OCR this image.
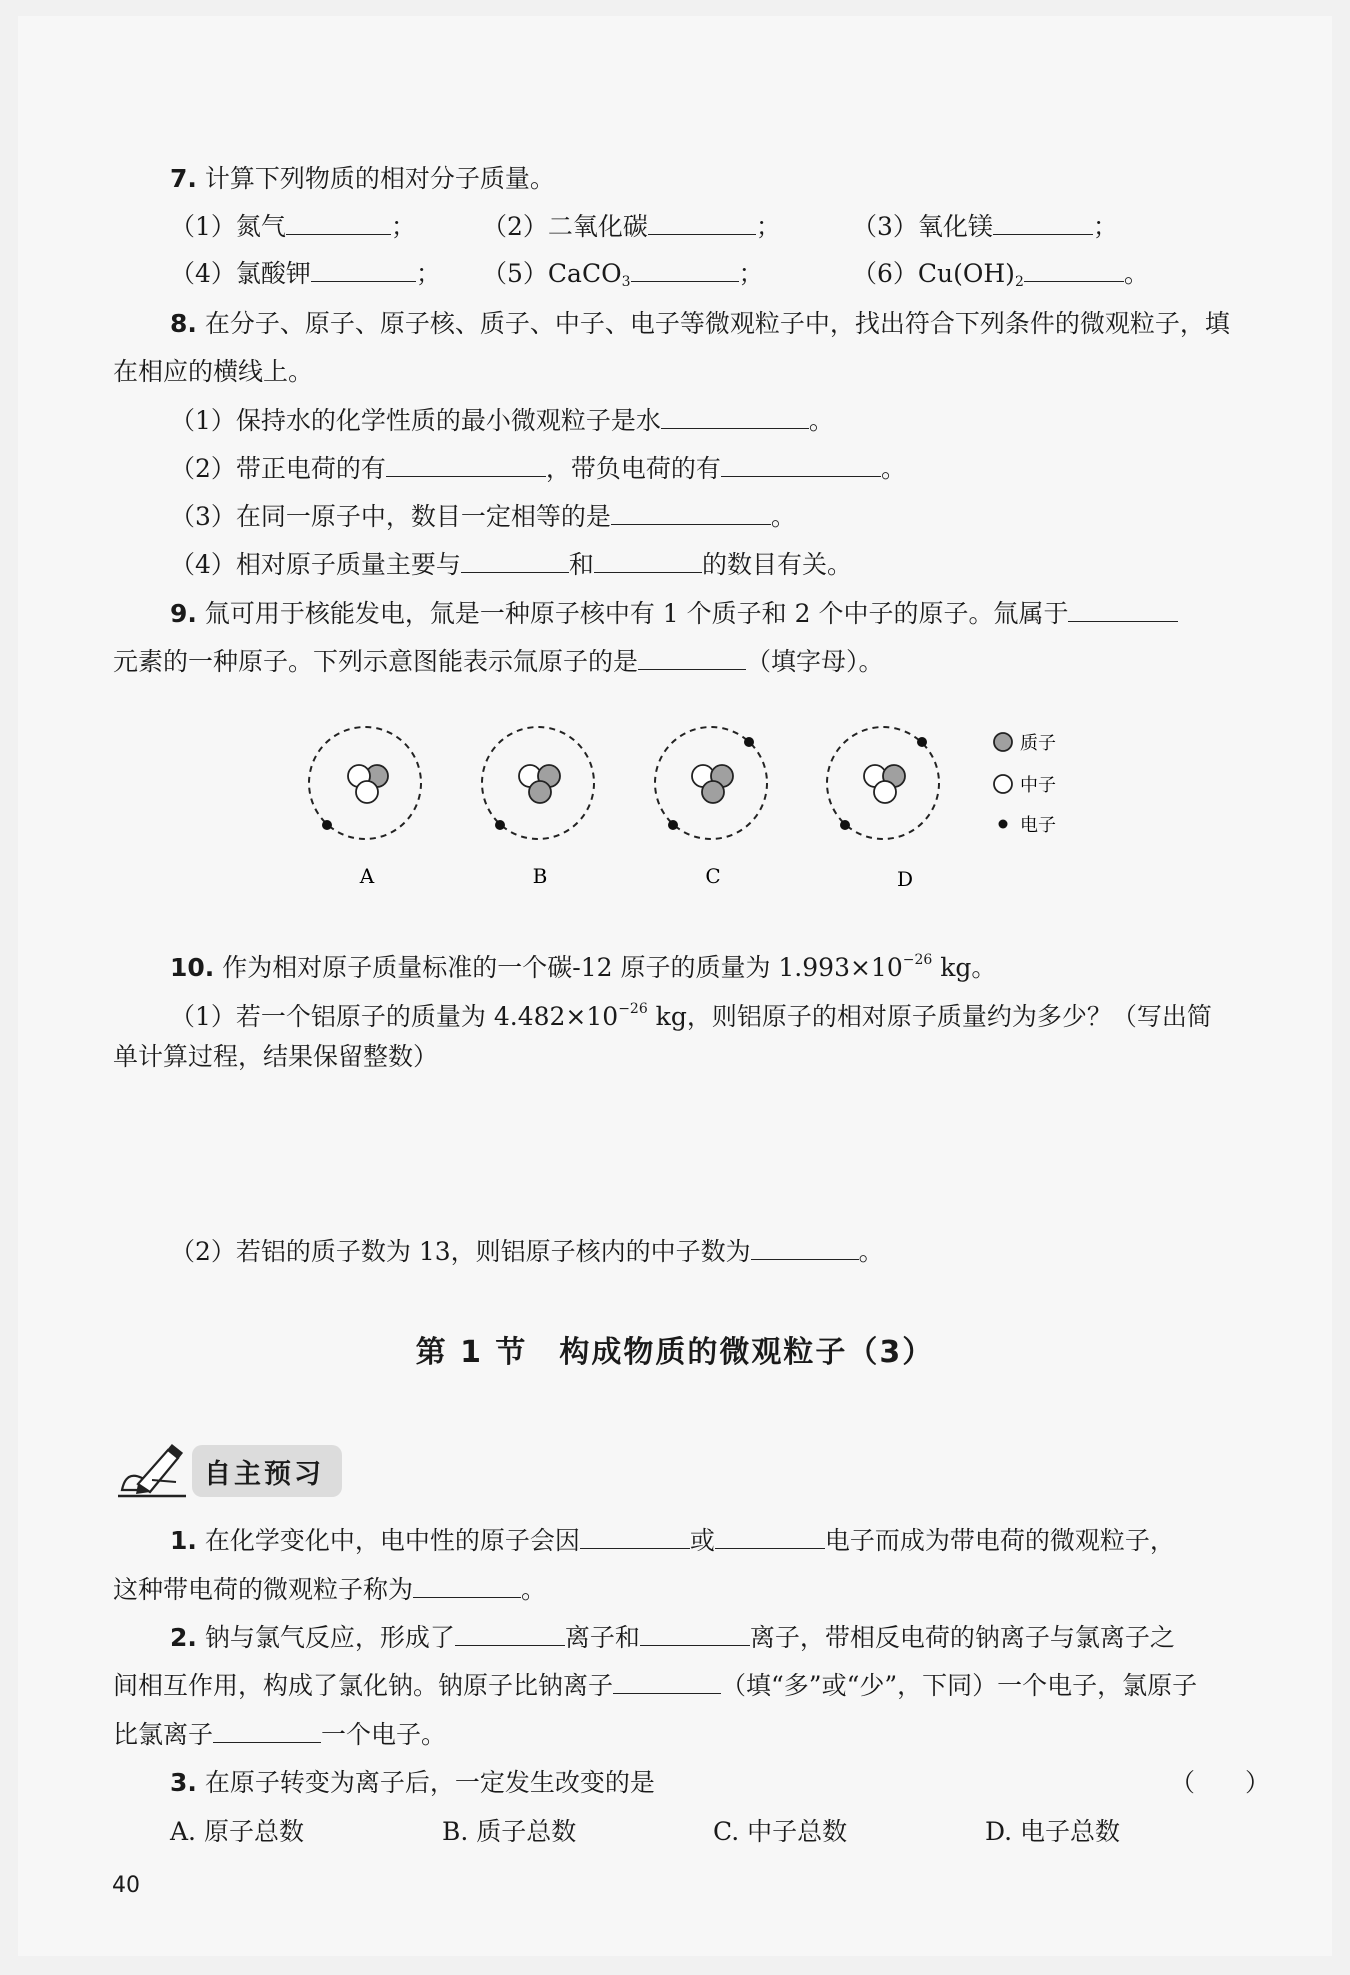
7. 计算下列物质的相对分子质量。
（1）氮气	；	（2）二氧化碳	；	（3）氧化镁	；
（4）氯酸钾	； （5）CaCO$_3$	；	$(6)Cu(OH)_2$	。
8. 在分子、原子、原子核、质子、中子、电子等微观粒子中，找出符合下列条件的微观粒子，填
在相应的横线上。
（1）保持水的化学性质的最小微观粒子是水	。
（2）带正电荷的有	，带负电荷的有	。
（3）在同一原子中，数目一定相等的是	。
（4）相对原子质量主要与	和	的数目有关。
9. 氚可用于核能发电，氚是一种原子核中有 1 个质子和 2 个中子的原子。氚属于
元素的一种原子。下列示意图能表示氚原子的是	（填字母）。
A	B	C	D
质子
中子
电子
10. 作为相对原子质量标准的一个碳-12 原子的质量为 $1.993\times 10^{-26}$ kg。
（1）若一个铝原子的质量为 $4.482\times 10^{-26}$ kg，则铝原子的相对原子质量约为多少？（写出简
单计算过程，结果保留整数）
（2）若铝的质子数为 13，则铝原子核内的中子数为	。
第 1 节　构成物质的微观粒子（3）
自主预习
1. 在化学变化中，电中性的原子会因	或	电子而成为带电荷的微观粒子，
这种带电荷的微观粒子称为	。
2. 钠与氯气反应，形成了	离子和	离子，带相反电荷的钠离子与氯离子之
间相互作用，构成了氯化钠。钠原子比钠离子	（填“多”或“少”，下同）一个电子，氯原子
比氯离子	一个电子。
3. 在原子转变为离子后，一定发生改变的是	（　　）
A. 原子总数	B. 质子总数	C. 中子总数	D. 电子总数
40
